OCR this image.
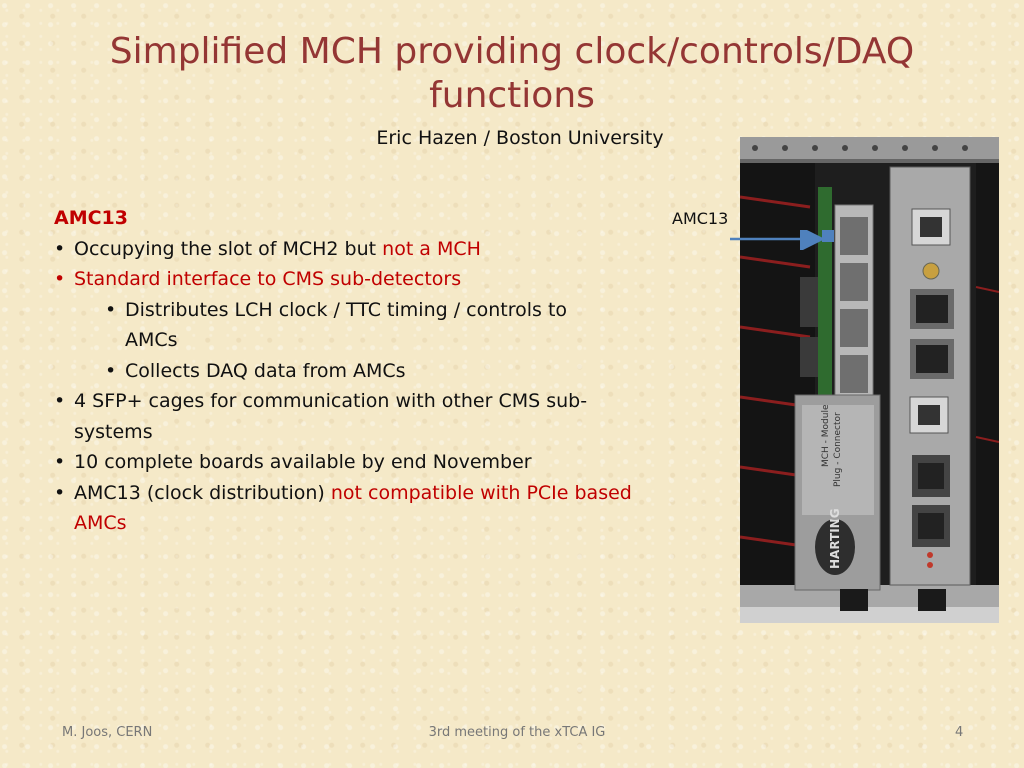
Simplified MCH providing clock/controls/DAQ
functions
Eric Hazen / Boston University
AMC13
• Occupying the slot of MCH2 but not a MCH
• Standard interface to CMS sub-detectors
• Distributes LCH clock / TTC timing / controls to AMCs
• Collects DAQ data from AMCs
• 4 SFP+ cages for communication with other CMS sub-systems
• 10 complete boards available by end November
• AMC13 (clock distribution) not compatible with PCIe based AMCs
AMC13
MCH - Module Plug - Connector
HARTING
M. Joos, CERN	3rd meeting of the xTCA IG	4
